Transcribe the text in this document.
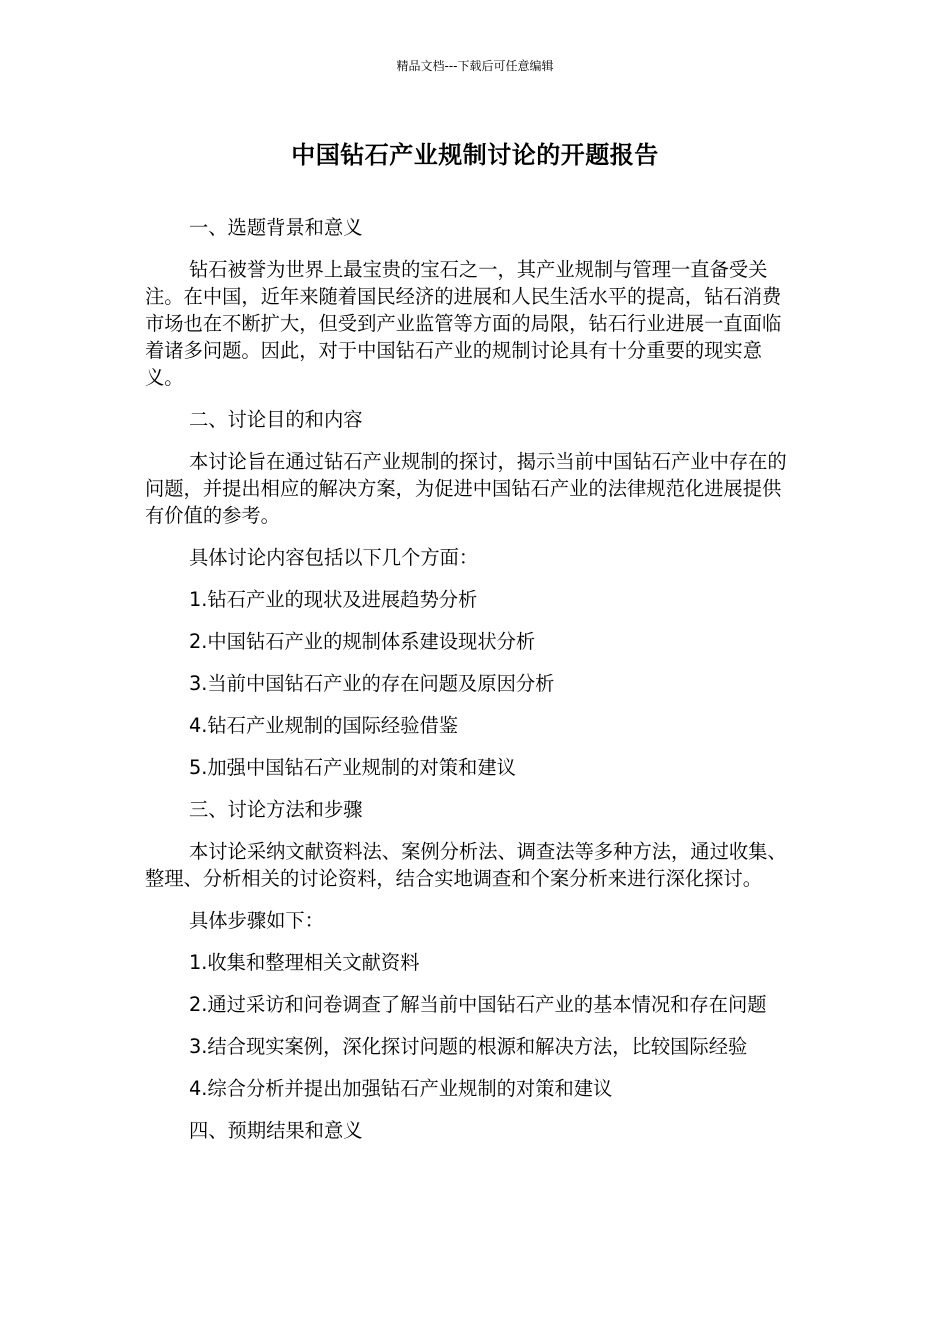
精品文档---下载后可任意编辑
中国钻石产业规制讨论的开题报告

一、选题背景和意义

钻石被誉为世界上最宝贵的宝石之一，其产业规制与管理一直备受关注。在中国，近年来随着国民经济的进展和人民生活水平的提高，钻石消费市场也在不断扩大，但受到产业监管等方面的局限，钻石行业进展一直面临着诸多问题。因此，对于中国钻石产业的规制讨论具有十分重要的现实意义。

二、讨论目的和内容

本讨论旨在通过钻石产业规制的探讨，揭示当前中国钻石产业中存在的问题，并提出相应的解决方案，为促进中国钻石产业的法律规范化进展提供有价值的参考。

具体讨论内容包括以下几个方面：

1.钻石产业的现状及进展趋势分析

2.中国钻石产业的规制体系建设现状分析

3.当前中国钻石产业的存在问题及原因分析

4.钻石产业规制的国际经验借鉴

5.加强中国钻石产业规制的对策和建议

三、讨论方法和步骤

本讨论采纳文献资料法、案例分析法、调查法等多种方法，通过收集、整理、分析相关的讨论资料，结合实地调查和个案分析来进行深化探讨。

具体步骤如下：

1.收集和整理相关文献资料

2.通过采访和问卷调查了解当前中国钻石产业的基本情况和存在问题

3.结合现实案例，深化探讨问题的根源和解决方法，比较国际经验

4.综合分析并提出加强钻石产业规制的对策和建议

四、预期结果和意义
